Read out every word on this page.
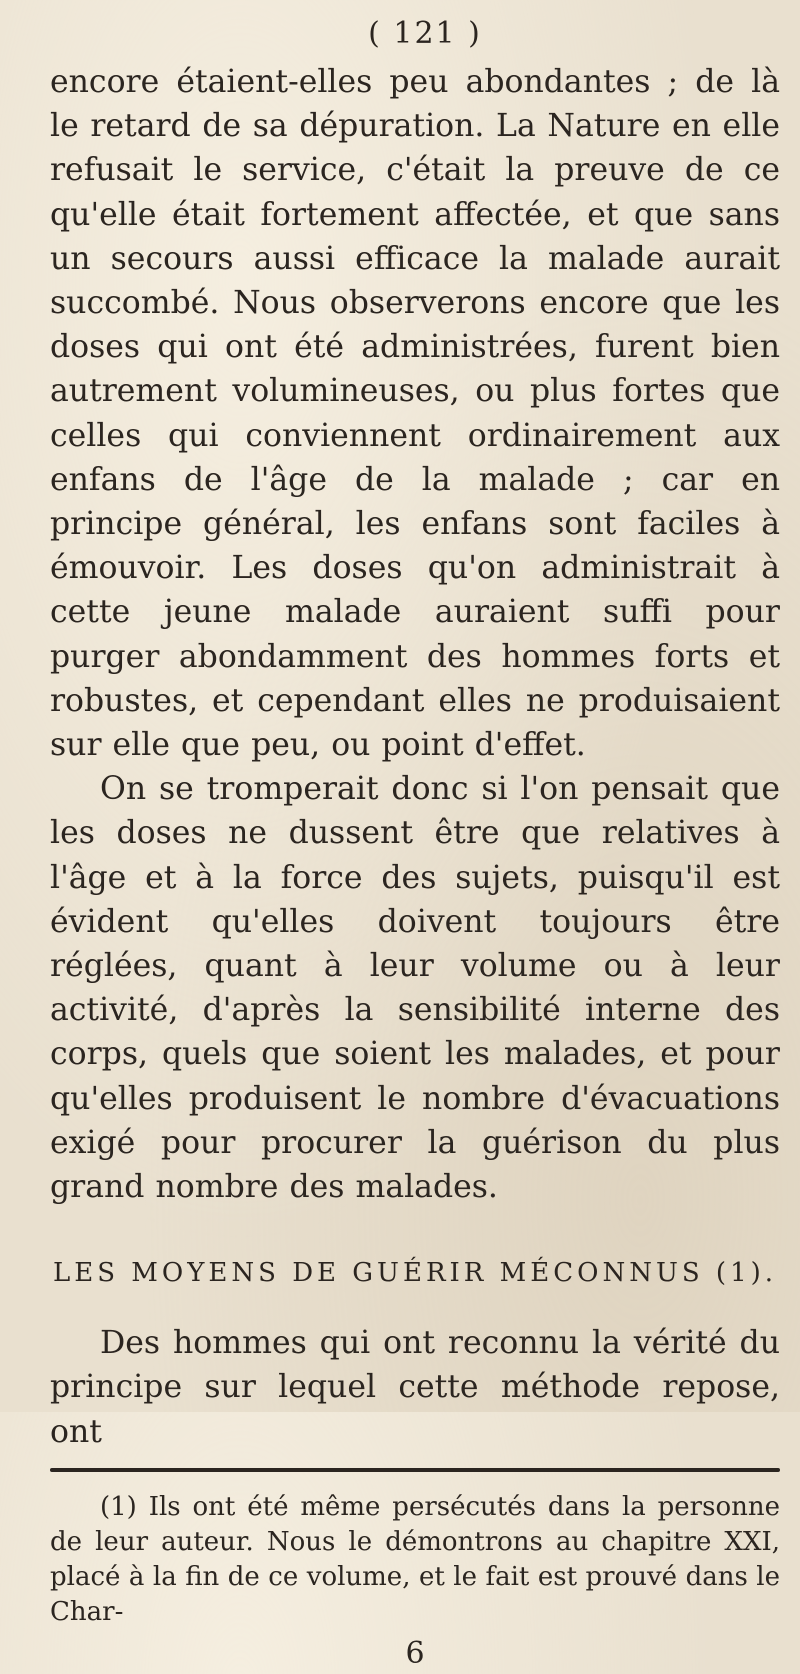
( 121 )

encore étaient-elles peu abondantes ; de là le retard de sa dépuration. La Nature en elle refusait le service, c'était la preuve de ce qu'elle était fortement affectée, et que sans un secours aussi efficace la malade aurait succombé. Nous observerons encore que les doses qui ont été administrées, furent bien autrement volumineuses, ou plus fortes que celles qui conviennent ordinairement aux enfans de l'âge de la malade ; car en principe général, les enfans sont faciles à émouvoir. Les doses qu'on administrait à cette jeune malade auraient suffi pour purger abondamment des hommes forts et robustes, et cependant elles ne produisaient sur elle que peu, ou point d'effet.

On se tromperait donc si l'on pensait que les doses ne dussent être que relatives à l'âge et à la force des sujets, puisqu'il est évident qu'elles doivent toujours être réglées, quant à leur volume ou à leur activité, d'après la sensibilité interne des corps, quels que soient les malades, et pour qu'elles produisent le nombre d'évacuations exigé pour procurer la guérison du plus grand nombre des malades.

LES MOYENS DE GUÉRIR MÉCONNUS (1).

Des hommes qui ont reconnu la vérité du principe sur lequel cette méthode repose, ont

(1) Ils ont été même persécutés dans la personne de leur auteur. Nous le démontrons au chapitre XXI, placé à la fin de ce volume, et le fait est prouvé dans le Char-

6
